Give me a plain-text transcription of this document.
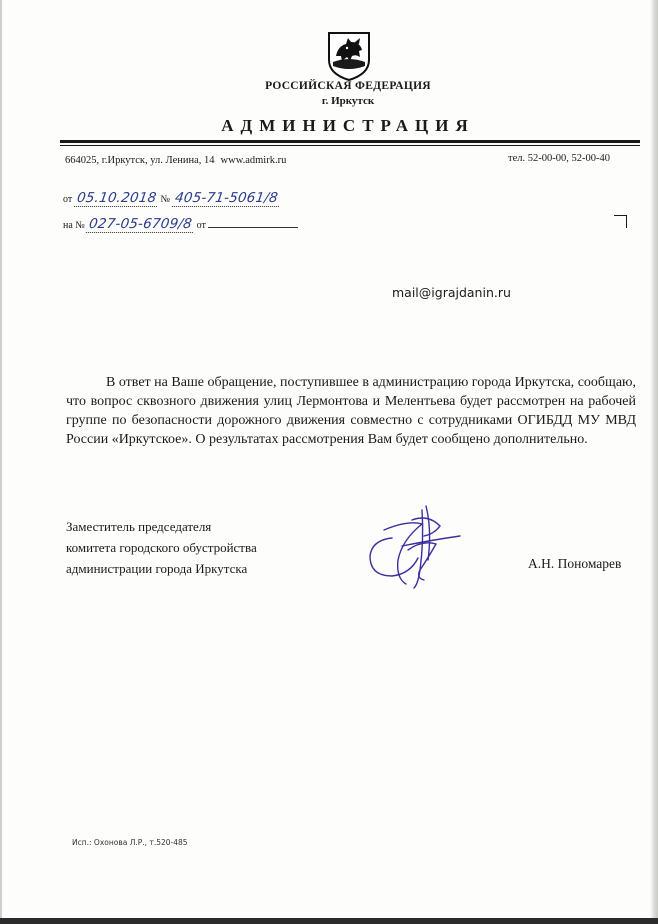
РОССИЙСКАЯ ФЕДЕРАЦИЯ
г. Иркутск
АДМИНИСТРАЦИЯ
664025, г.Иркутск, ул. Ленина, 14 www.admirk.ru	тел. 52-00-00, 52-00-40
от 05.10.2018 № 405-71-5061/8
на № 027-05-6709/8 от
mail@igrajdanin.ru

В ответ на Ваше обращение, поступившее в администрацию города Иркутска, сообщаю, что вопрос сквозного движения улиц Лермонтова и Мелентьева будет рассмотрен на рабочей группе по безопасности дорожного движения совместно с сотрудниками ОГИБДД МУ МВД России «Иркутское». О результатах рассмотрения Вам будет сообщено дополнительно.

Заместитель председателя
комитета городского обустройства
администрации города Иркутска	А.Н. Пономарев
Исп.: Охонова Л.Р., т.520-485
